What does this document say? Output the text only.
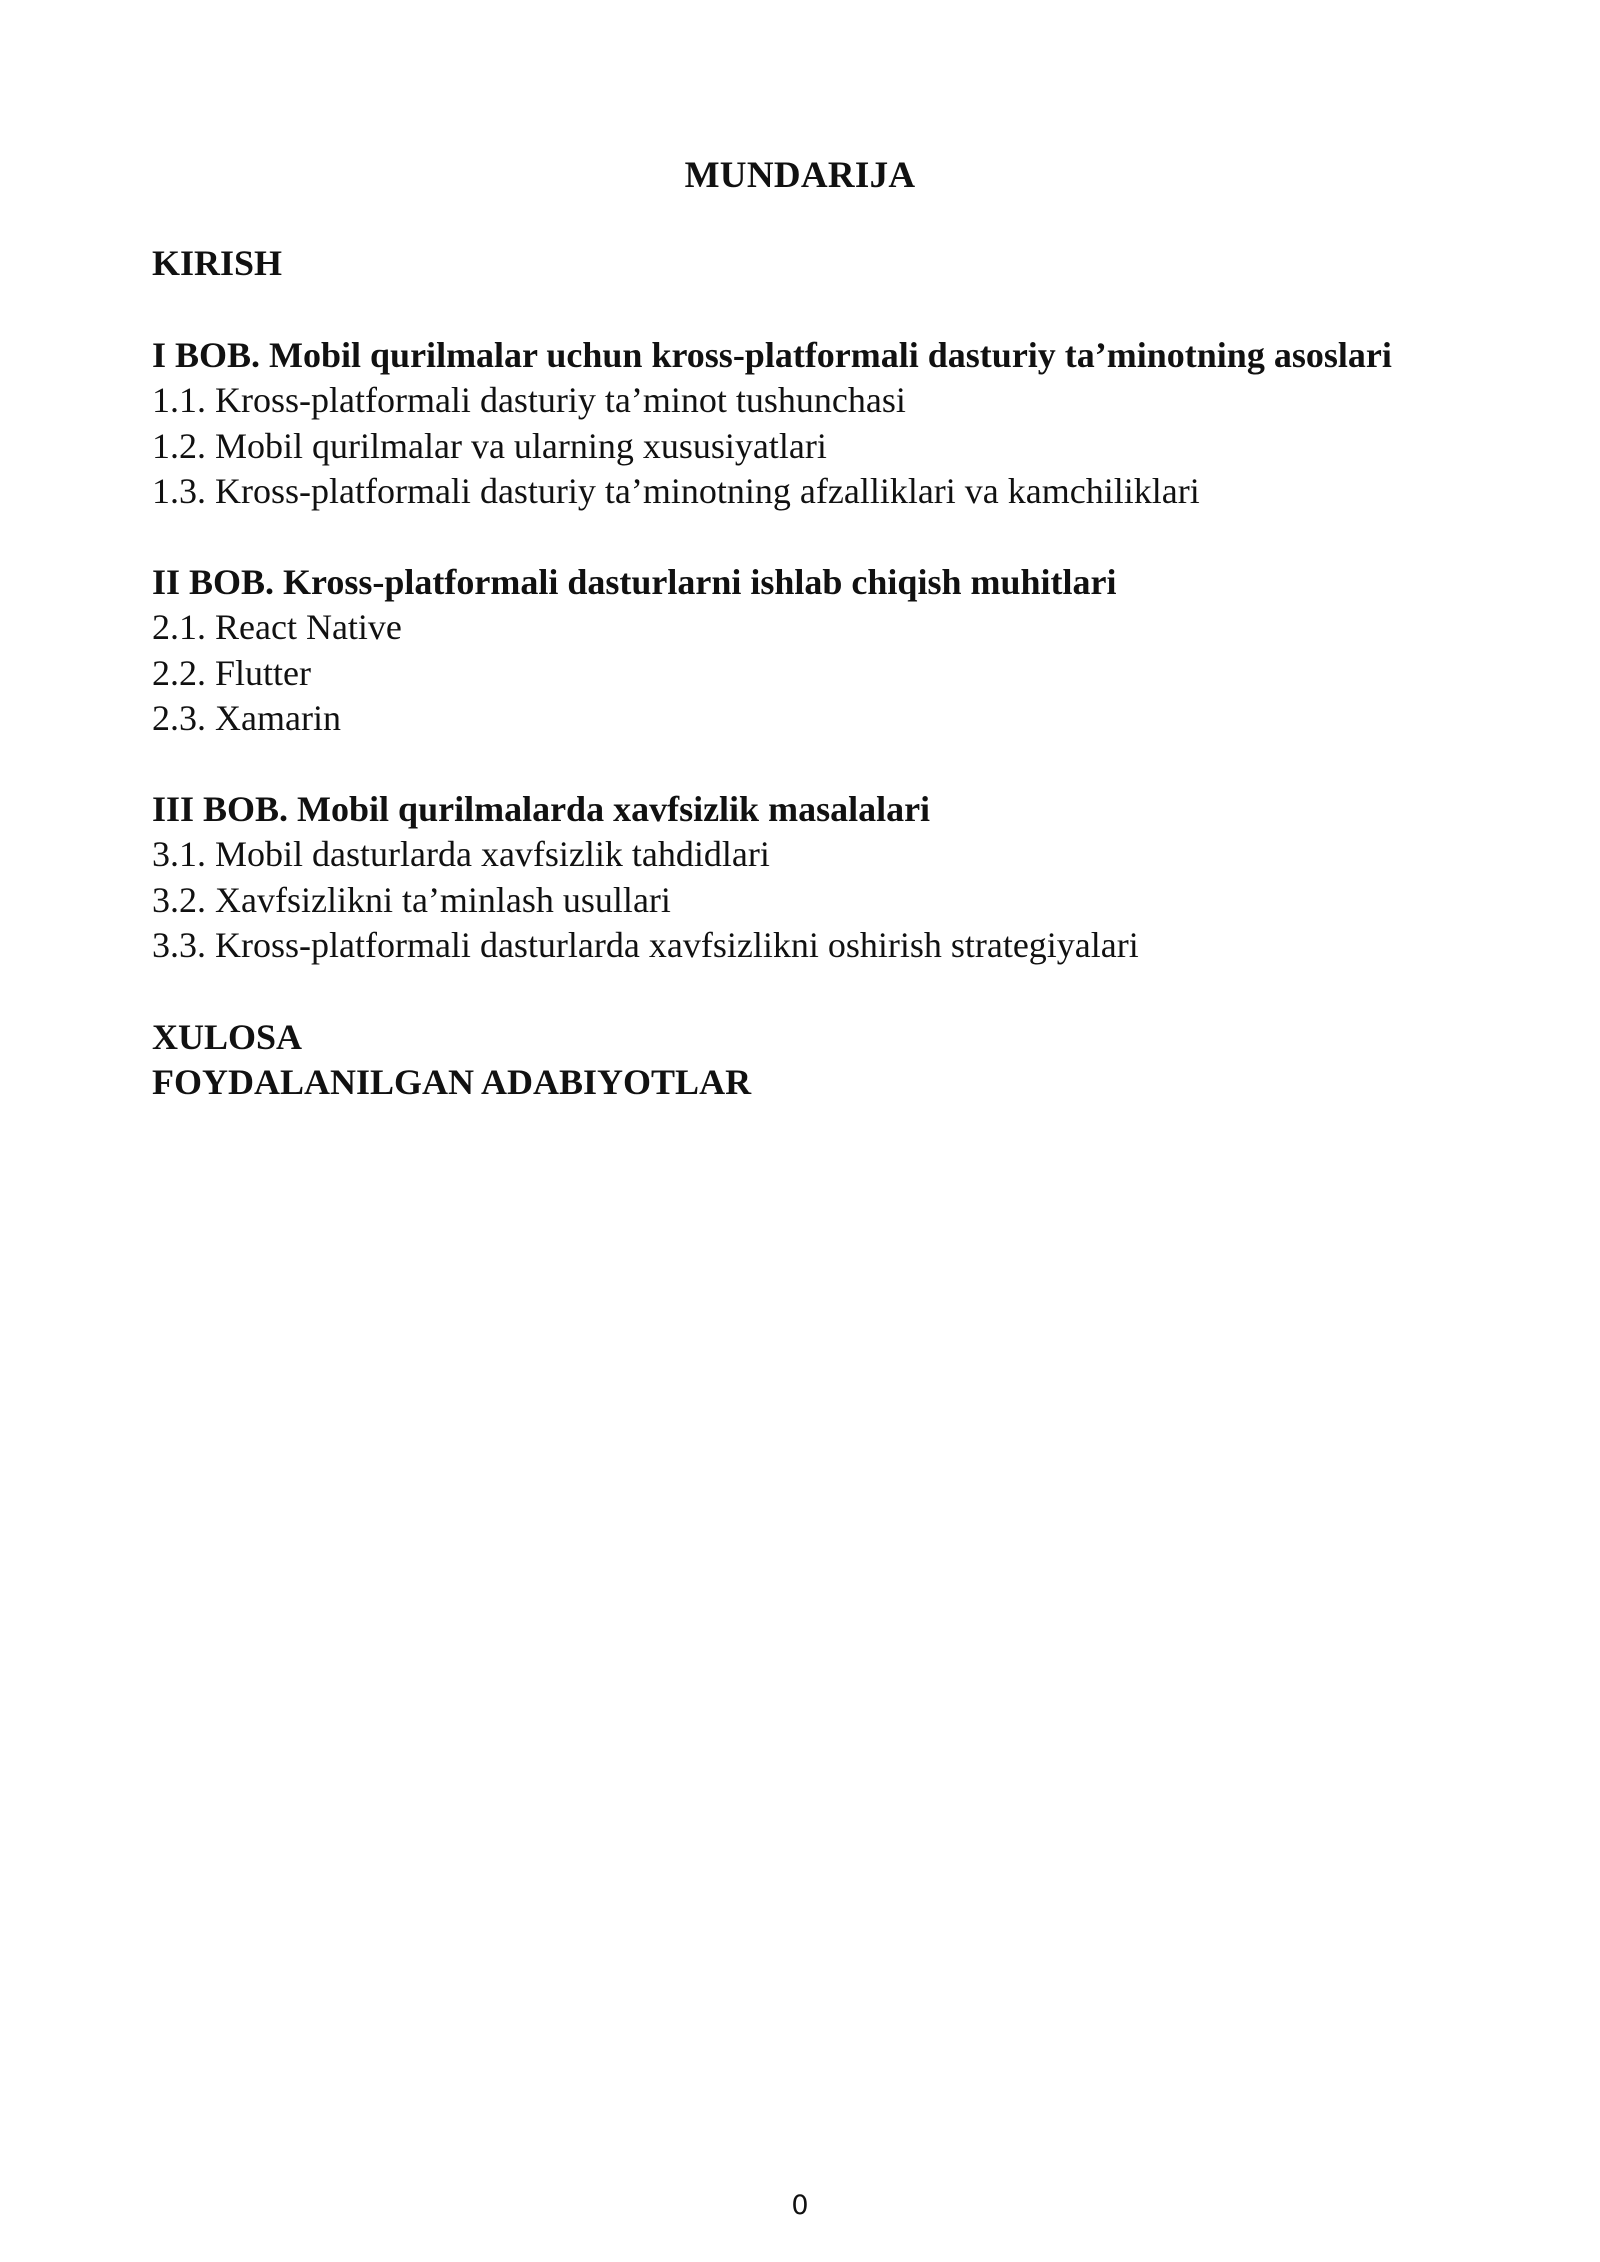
MUNDARIJA
KIRISH
I BOB. Mobil qurilmalar uchun kross-platformali dasturiy ta’minotning asoslari
1.1. Kross-platformali dasturiy ta’minot tushunchasi
1.2. Mobil qurilmalar va ularning xususiyatlari
1.3. Kross-platformali dasturiy ta’minotning afzalliklari va kamchiliklari
II BOB. Kross-platformali dasturlarni ishlab chiqish muhitlari
2.1. React Native
2.2. Flutter
2.3. Xamarin
III BOB. Mobil qurilmalarda xavfsizlik masalalari
3.1. Mobil dasturlarda xavfsizlik tahdidlari
3.2. Xavfsizlikni ta’minlash usullari
3.3. Kross-platformali dasturlarda xavfsizlikni oshirish strategiyalari
XULOSA
FOYDALANILGAN ADABIYOTLAR
0
